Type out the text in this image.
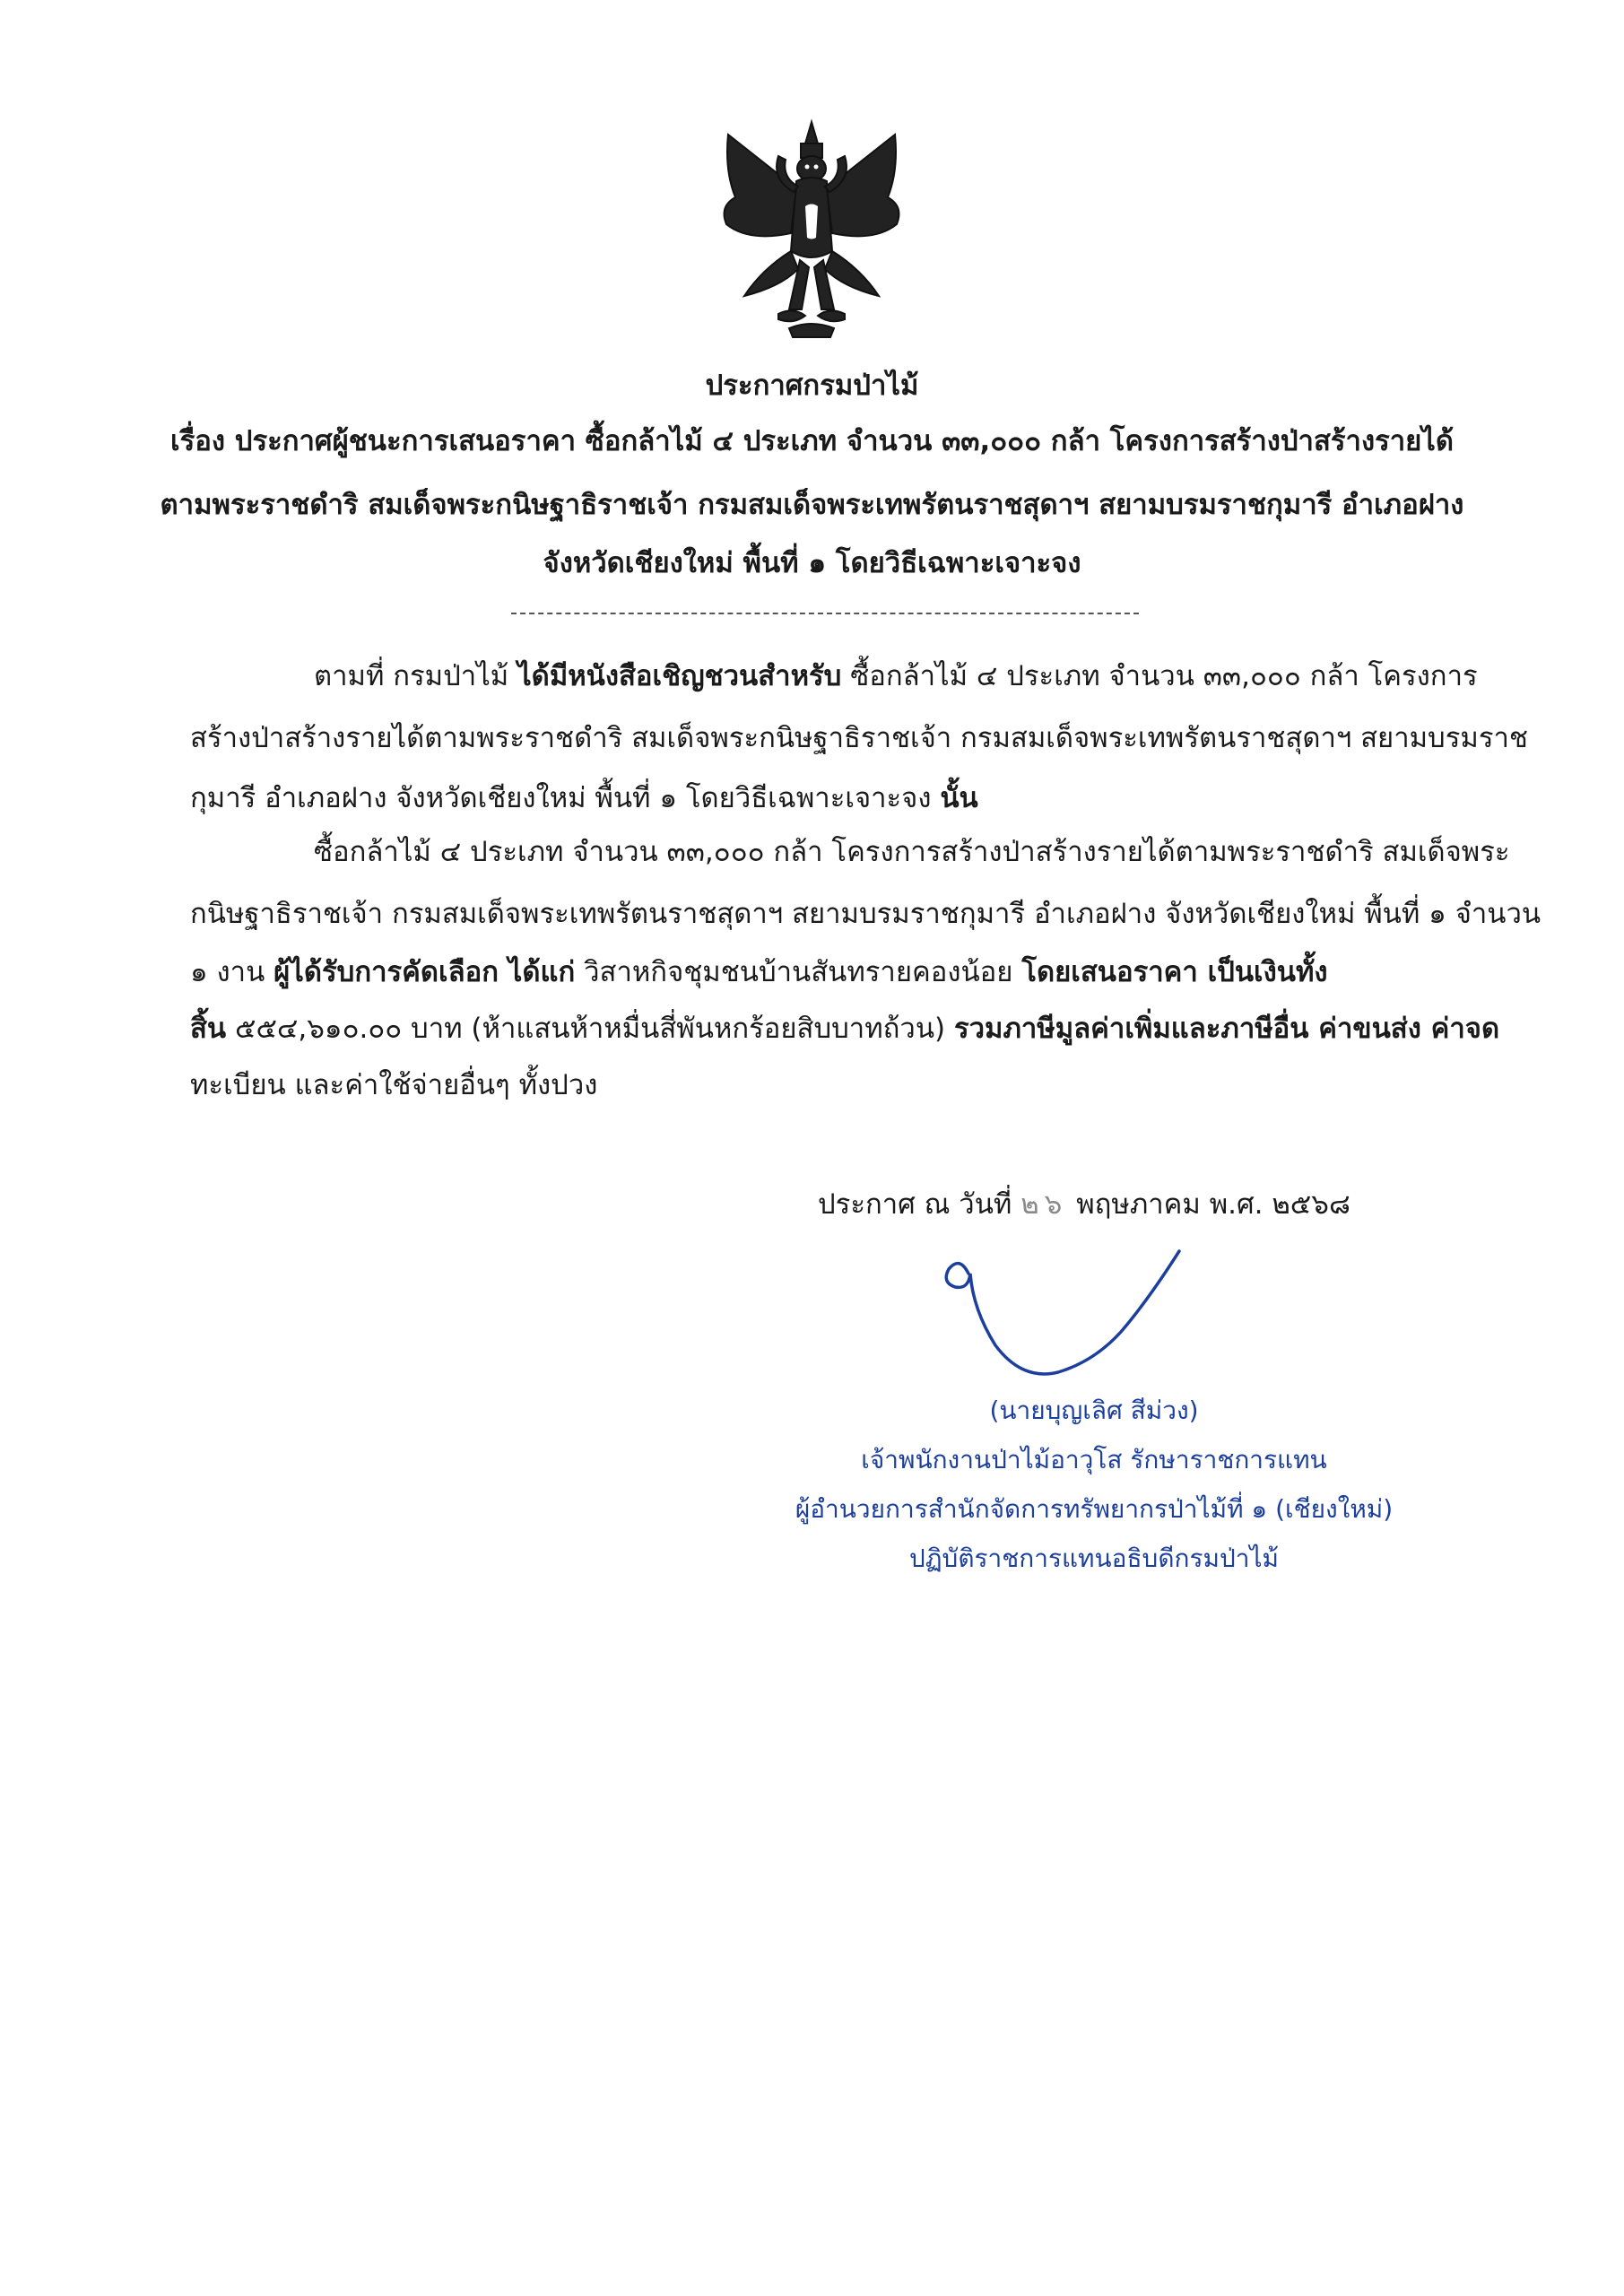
ประกาศกรมป่าไม้
เรื่อง ประกาศผู้ชนะการเสนอราคา ซื้อกล้าไม้ ๔ ประเภท จำนวน ๓๓,๐๐๐ กล้า โครงการสร้างป่าสร้างรายได้
ตามพระราชดำริ สมเด็จพระกนิษฐาธิราชเจ้า กรมสมเด็จพระเทพรัตนราชสุดาฯ สยามบรมราชกุมารี อำเภอฝาง
จังหวัดเชียงใหม่ พื้นที่ ๑ โดยวิธีเฉพาะเจาะจง
ตามที่ กรมป่าไม้ ได้มีหนังสือเชิญชวนสำหรับ ซื้อกล้าไม้ ๔ ประเภท จำนวน ๓๓,๐๐๐ กล้า โครงการ
สร้างป่าสร้างรายได้ตามพระราชดำริ สมเด็จพระกนิษฐาธิราชเจ้า กรมสมเด็จพระเทพรัตนราชสุดาฯ สยามบรมราช
กุมารี อำเภอฝาง จังหวัดเชียงใหม่ พื้นที่ ๑ โดยวิธีเฉพาะเจาะจง นั้น
ซื้อกล้าไม้ ๔ ประเภท จำนวน ๓๓,๐๐๐ กล้า โครงการสร้างป่าสร้างรายได้ตามพระราชดำริ สมเด็จพระ
กนิษฐาธิราชเจ้า กรมสมเด็จพระเทพรัตนราชสุดาฯ สยามบรมราชกุมารี อำเภอฝาง จังหวัดเชียงใหม่ พื้นที่ ๑ จำนวน
๑ งาน ผู้ได้รับการคัดเลือก ได้แก่ วิสาหกิจชุมชนบ้านสันทรายคองน้อย โดยเสนอราคา เป็นเงินทั้ง
สิ้น ๕๕๔,๖๑๐.๐๐ บาท (ห้าแสนห้าหมื่นสี่พันหกร้อยสิบบาทถ้วน) รวมภาษีมูลค่าเพิ่มและภาษีอื่น ค่าขนส่ง ค่าจด
ทะเบียน และค่าใช้จ่ายอื่นๆ ทั้งปวง
ประกาศ ณ วันที่ ๒๖ พฤษภาคม พ.ศ. ๒๕๖๘
(นายบุญเลิศ สีม่วง)
เจ้าพนักงานป่าไม้อาวุโส รักษาราชการแทน
ผู้อำนวยการสำนักจัดการทรัพยากรป่าไม้ที่ ๑ (เชียงใหม่)
ปฏิบัติราชการแทนอธิบดีกรมป่าไม้
